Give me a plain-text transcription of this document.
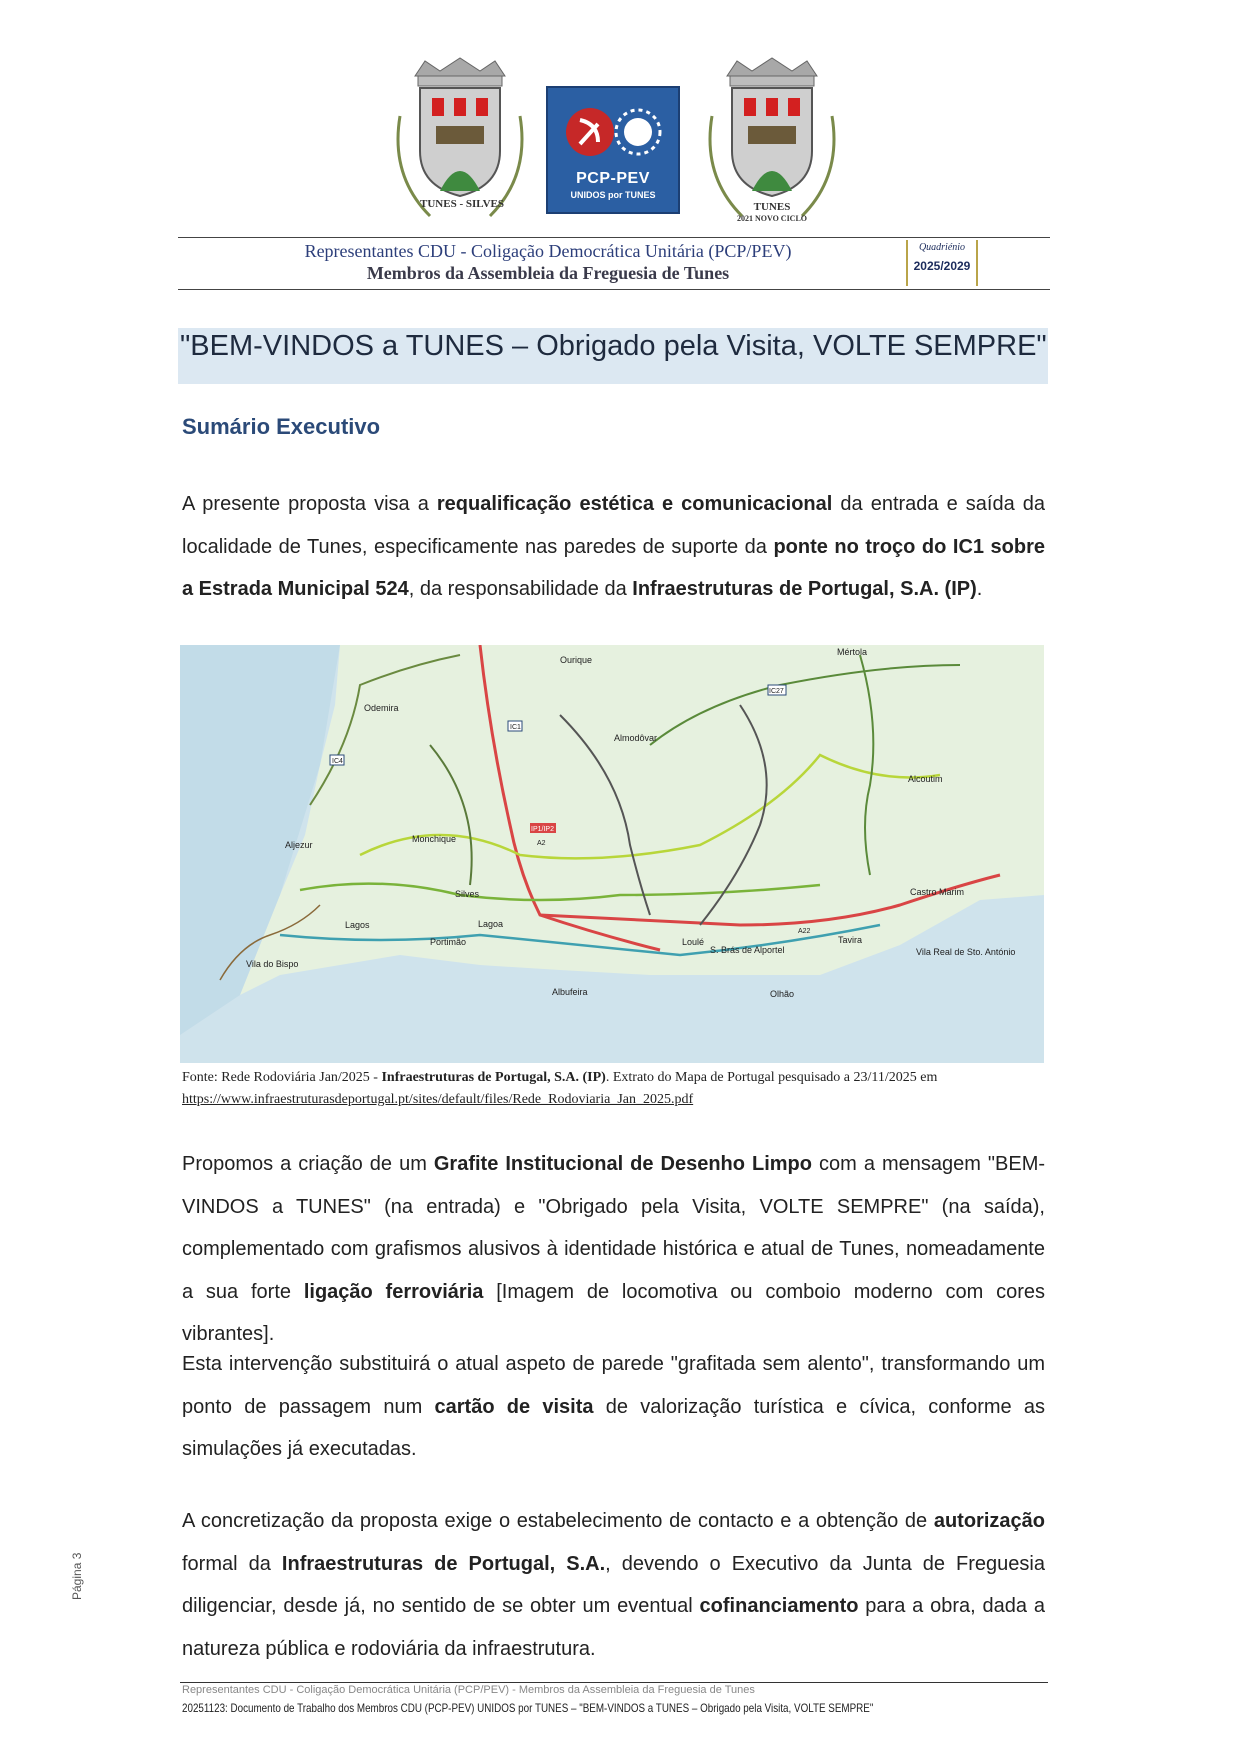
TUNES - SILVES
PCP-PEV
UNIDOS por TUNES
TUNES
2021 NOVO CICLO
Representantes CDU - Coligação Democrática Unitária (PCP/PEV)
Membros da Assembleia da Freguesia de Tunes
Quadriénio
2025/2029
"BEM-VINDOS a TUNES – Obrigado pela Visita, VOLTE SEMPRE"
Sumário Executivo
A presente proposta visa a requalificação estética e comunicacional da entrada e saída da localidade de Tunes, especificamente nas paredes de suporte da ponte no troço do IC1 sobre a Estrada Municipal 524, da responsabilidade da Infraestruturas de Portugal, S.A. (IP).
Mértola
Odemira
Almodôvar
Alcoutim
Monchique
Aljezur
Silves	Castro Marim
Lagos	Lagoa
Portimão	Loulé
S. Brás de Alportel
Tavira
Vila Real de Sto. António
Vila do Bispo
Albufeira
Ourique
Olhão
IC1
IC4
A2
A22
IP1/IP2
IC27
Fonte: Rede Rodoviária Jan/2025 - Infraestruturas de Portugal, S.A. (IP). Extrato do Mapa de Portugal pesquisado a 23/11/2025 em https://www.infraestruturasdeportugal.pt/sites/default/files/Rede_Rodoviaria_Jan_2025.pdf
Propomos a criação de um Grafite Institucional de Desenho Limpo com a mensagem "BEM-VINDOS a TUNES" (na entrada) e "Obrigado pela Visita, VOLTE SEMPRE" (na saída), complementado com grafismos alusivos à identidade histórica e atual de Tunes, nomeadamente a sua forte ligação ferroviária [Imagem de locomotiva ou comboio moderno com cores vibrantes].
Esta intervenção substituirá o atual aspeto de parede "grafitada sem alento", transformando um ponto de passagem num cartão de visita de valorização turística e cívica, conforme as simulações já executadas.
A concretização da proposta exige o estabelecimento de contacto e a obtenção de autorização formal da Infraestruturas de Portugal, S.A., devendo o Executivo da Junta de Freguesia diligenciar, desde já, no sentido de se obter um eventual cofinanciamento para a obra, dada a natureza pública e rodoviária da infraestrutura.
Página 3
Representantes CDU - Coligação Democrática Unitária (PCP/PEV) - Membros da Assembleia da Freguesia de Tunes
20251123: Documento de Trabalho dos Membros CDU (PCP-PEV) UNIDOS por TUNES – "BEM-VINDOS a TUNES – Obrigado pela Visita, VOLTE SEMPRE"
